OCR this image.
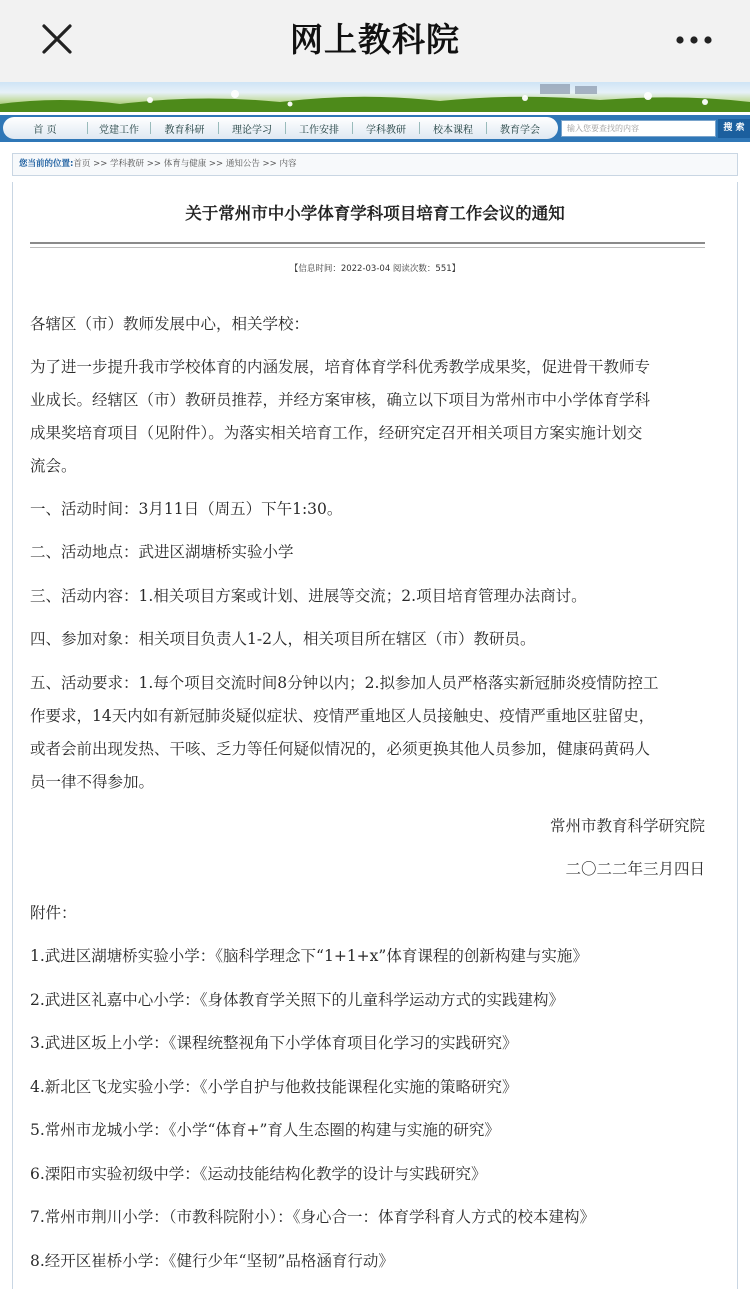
网上教科院
首 页	党建工作	教育科研	理论学习	工作安排	学科教研	校本课程	教育学会	输入您要查找的内容	搜 索
您当前的位置:首页 >> 学科教研 >> 体育与健康 >> 通知公告 >> 内容
关于常州市中小学体育学科项目培育工作会议的通知
【信息时间：2022-03-04 阅读次数：551】
各辖区（市）教师发展中心，相关学校：
为了进一步提升我市学校体育的内涵发展，培育体育学科优秀教学成果奖，促进骨干教师专
业成长。经辖区（市）教研员推荐，并经方案审核，确立以下项目为常州市中小学体育学科
成果奖培育项目（见附件）。为落实相关培育工作，经研究定召开相关项目方案实施计划交
流会。
一、活动时间：3月11日（周五）下午1:30。
二、活动地点：武进区湖塘桥实验小学
三、活动内容：1.相关项目方案或计划、进展等交流；2.项目培育管理办法商讨。
四、参加对象：相关项目负责人1-2人，相关项目所在辖区（市）教研员。
五、活动要求：1.每个项目交流时间8分钟以内；2.拟参加人员严格落实新冠肺炎疫情防控工
作要求，14天内如有新冠肺炎疑似症状、疫情严重地区人员接触史、疫情严重地区驻留史，
或者会前出现发热、干咳、乏力等任何疑似情况的，必须更换其他人员参加，健康码黄码人
员一律不得参加。
常州市教育科学研究院
二〇二二年三月四日
附件：
1.武进区湖塘桥实验小学：《脑科学理念下“1+1+x”体育课程的创新构建与实施》
2.武进区礼嘉中心小学：《身体教育学关照下的儿童科学运动方式的实践建构》
3.武进区坂上小学：《课程统整视角下小学体育项目化学习的实践研究》
4.新北区飞龙实验小学：《小学自护与他救技能课程化实施的策略研究》
5.常州市龙城小学：《小学“体育+”育人生态圈的构建与实施的研究》
6.溧阳市实验初级中学：《运动技能结构化教学的设计与实践研究》
7.常州市荆川小学：（市教科院附小）：《身心合一：体育学科育人方式的校本建构》
8.经开区崔桥小学：《健行少年“坚韧”品格涵育行动》
